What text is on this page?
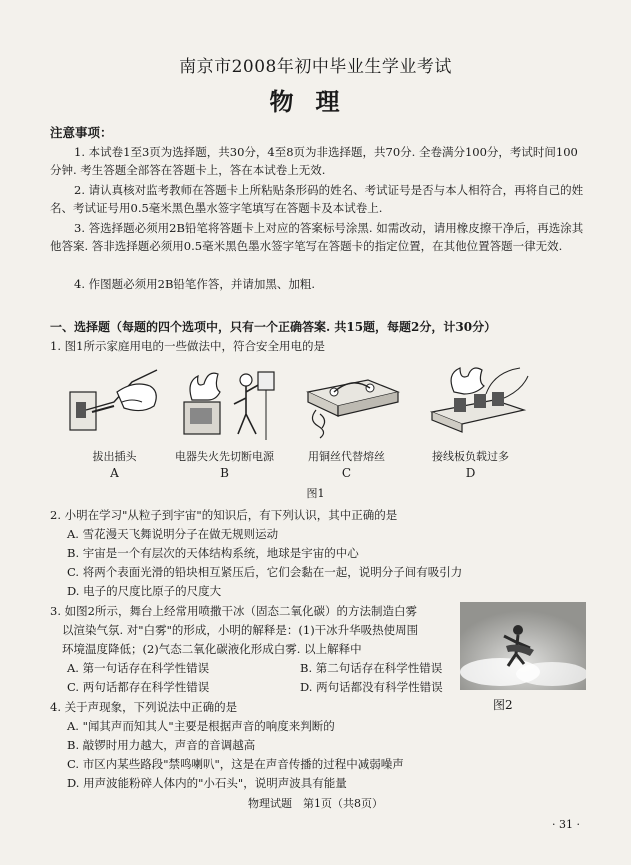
南京市2008年初中毕业生学业考试
物理
注意事项：
1. 本试卷1至3页为选择题，共30分，4至8页为非选择题，共70分. 全卷满分100分，考试时间100分钟. 考生答题全部答在答题卡上，答在本试卷上无效.
2. 请认真核对监考教师在答题卡上所粘贴条形码的姓名、考试证号是否与本人相符合，再将自己的姓名、考试证号用0.5毫米黑色墨水签字笔填写在答题卡及本试卷上.
3. 答选择题必须用2B铅笔将答题卡上对应的答案标号涂黑. 如需改动，请用橡皮擦干净后，再选涂其他答案. 答非选择题必须用0.5毫米黑色墨水签字笔写在答题卡的指定位置，在其他位置答题一律无效.
4. 作图题必须用2B铅笔作答，并请加黑、加粗.
一、选择题（每题的四个选项中，只有一个正确答案. 共15题，每题2分，计30分）
1. 图1所示家庭用电的一些做法中，符合安全用电的是
拔出插头	电器失火先切断电源	用铜丝代替熔丝	接线板负载过多
A	B	C	D
图1
2. 小明在学习"从粒子到宇宙"的知识后，有下列认识，其中正确的是
A. 雪花漫天飞舞说明分子在做无规则运动
B. 宇宙是一个有层次的天体结构系统，地球是宇宙的中心
C. 将两个表面光滑的铅块相互紧压后，它们会黏在一起，说明分子间有吸引力
D. 电子的尺度比原子的尺度大
3. 如图2所示，舞台上经常用喷撒干冰（固态二氧化碳）的方法制造白雾
以渲染气氛. 对"白雾"的形成，小明的解释是：(1)干冰升华吸热使周围
环境温度降低；(2)气态二氧化碳液化形成白雾. 以上解释中
A. 第一句话存在科学性错误	B. 第二句话存在科学性错误
C. 两句话都存在科学性错误	D. 两句话都没有科学性错误
图2
4. 关于声现象，下列说法中正确的是
A. "闻其声而知其人"主要是根据声音的响度来判断的
B. 敲锣时用力越大，声音的音调越高
C. 市区内某些路段"禁鸣喇叭"，这是在声音传播的过程中减弱噪声
D. 用声波能粉碎人体内的"小石头"，说明声波具有能量
物理试题　第1页（共8页）
· 31 ·
